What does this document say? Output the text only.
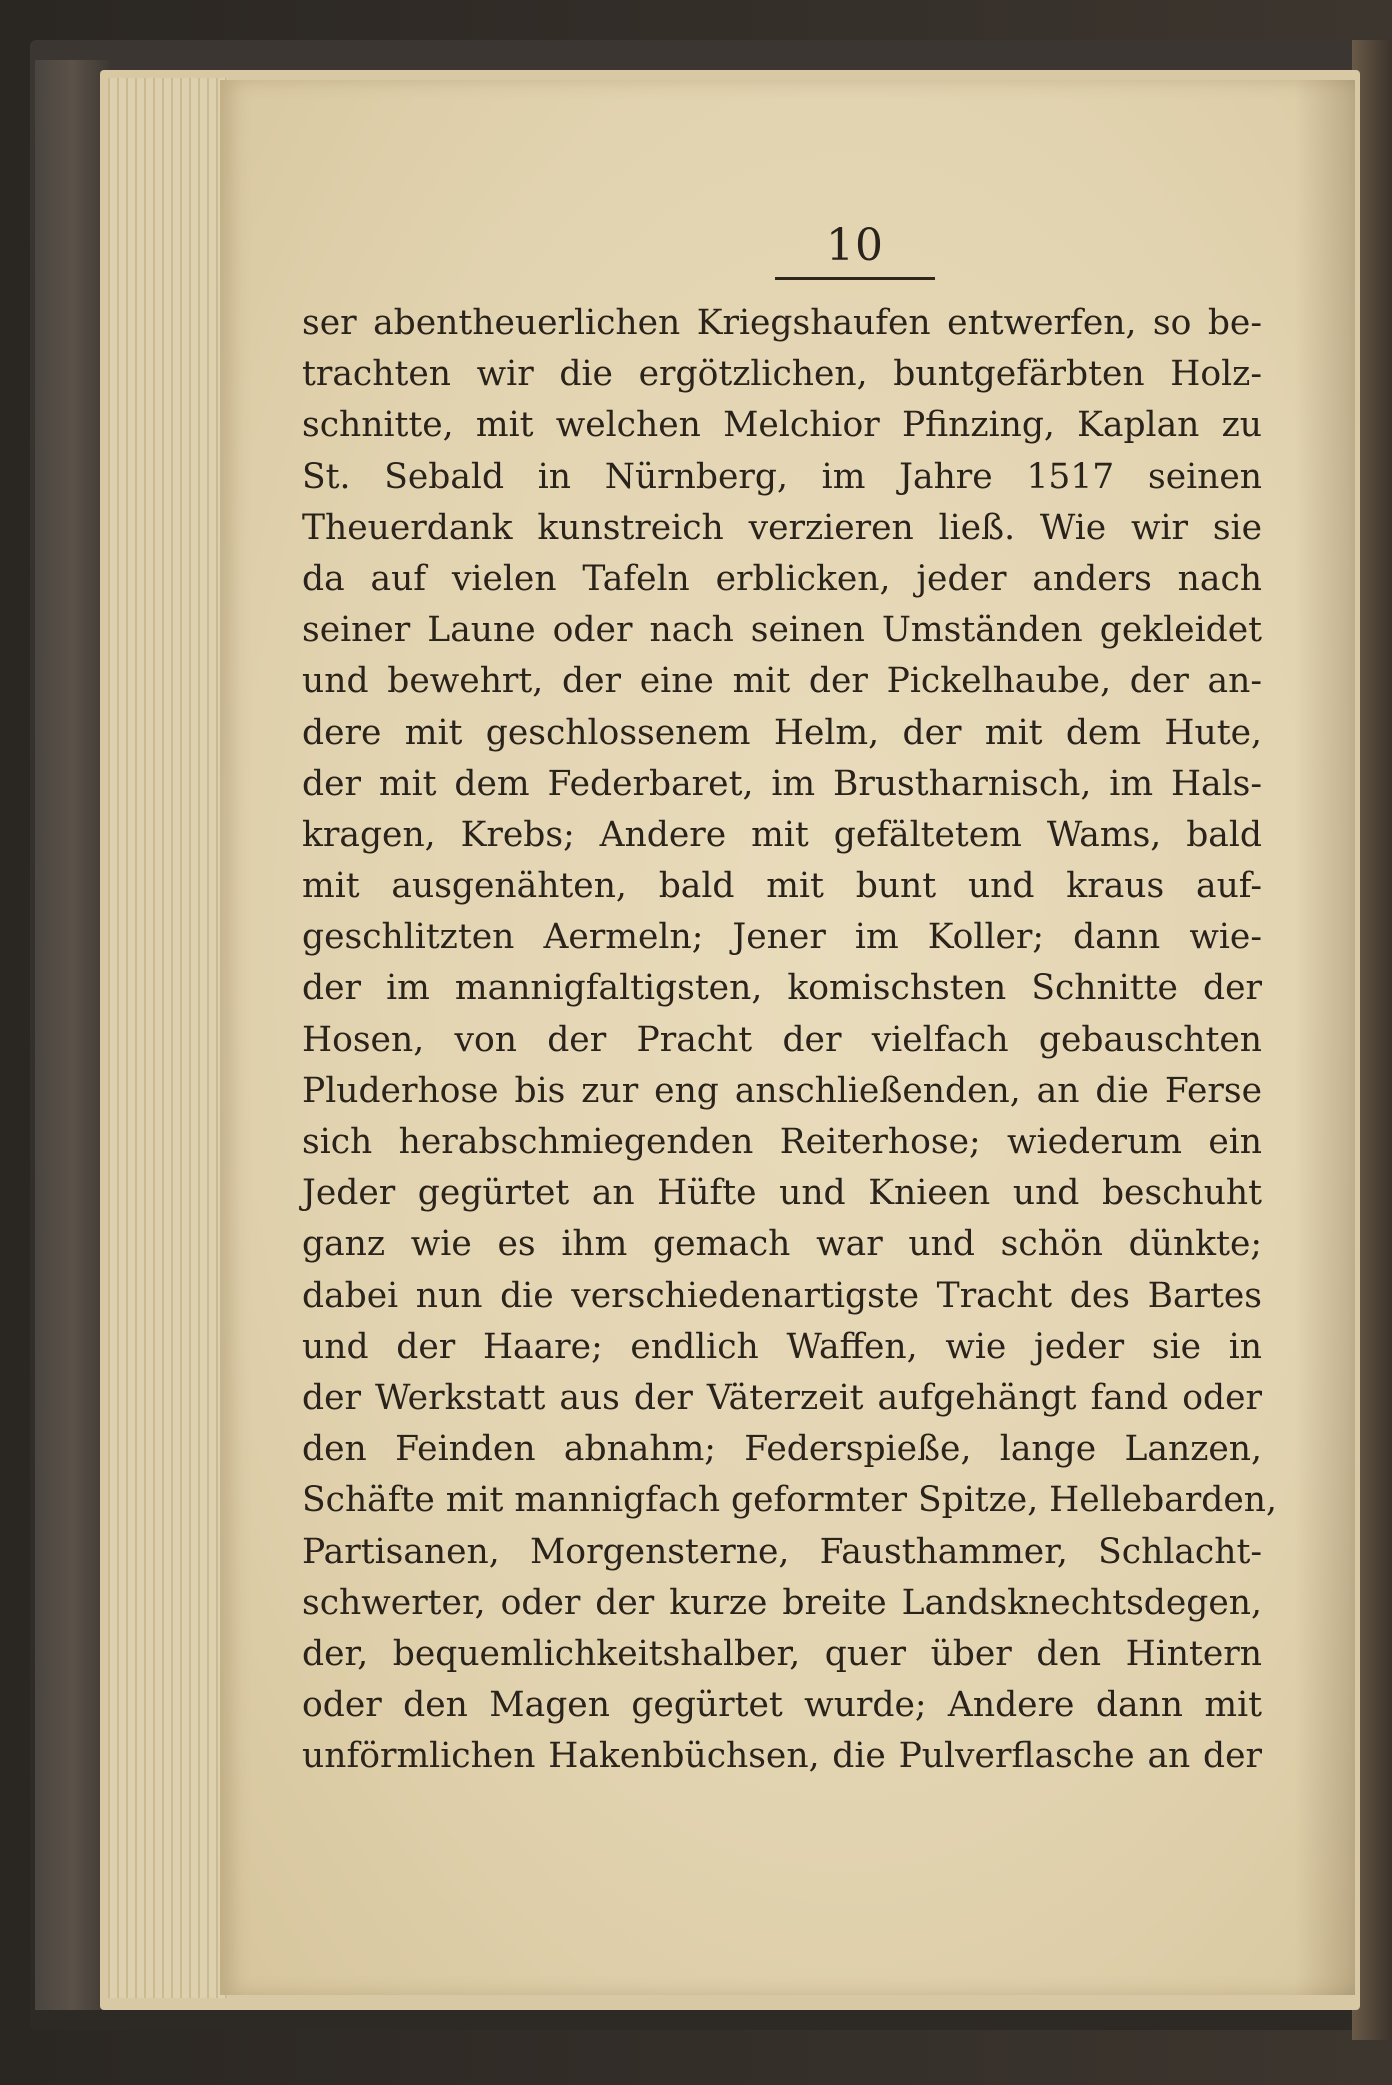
10
ser abentheuerlichen Kriegshaufen entwerfen, so be-
trachten wir die ergötzlichen, buntgefärbten Holz-
schnitte, mit welchen Melchior Pfinzing, Kaplan zu
St. Sebald in Nürnberg, im Jahre 1517 seinen
Theuerdank kunstreich verzieren ließ. Wie wir sie
da auf vielen Tafeln erblicken, jeder anders nach
seiner Laune oder nach seinen Umständen gekleidet
und bewehrt, der eine mit der Pickelhaube, der an-
dere mit geschlossenem Helm, der mit dem Hute,
der mit dem Federbaret, im Brustharnisch, im Hals-
kragen, Krebs; Andere mit gefältetem Wams, bald
mit ausgenähten, bald mit bunt und kraus auf-
geschlitzten Aermeln; Jener im Koller; dann wie-
der im mannigfaltigsten, komischsten Schnitte der
Hosen, von der Pracht der vielfach gebauschten
Pluderhose bis zur eng anschließenden, an die Ferse
sich herabschmiegenden Reiterhose; wiederum ein
Jeder gegürtet an Hüfte und Knieen und beschuht
ganz wie es ihm gemach war und schön dünkte;
dabei nun die verschiedenartigste Tracht des Bartes
und der Haare; endlich Waffen, wie jeder sie in
der Werkstatt aus der Väterzeit aufgehängt fand oder
den Feinden abnahm; Federspieße, lange Lanzen,
Schäfte mit mannigfach geformter Spitze, Hellebarden,
Partisanen, Morgensterne, Fausthammer, Schlacht-
schwerter, oder der kurze breite Landsknechtsdegen,
der, bequemlichkeitshalber, quer über den Hintern
oder den Magen gegürtet wurde; Andere dann mit
unförmlichen Hakenbüchsen, die Pulverflasche an der
